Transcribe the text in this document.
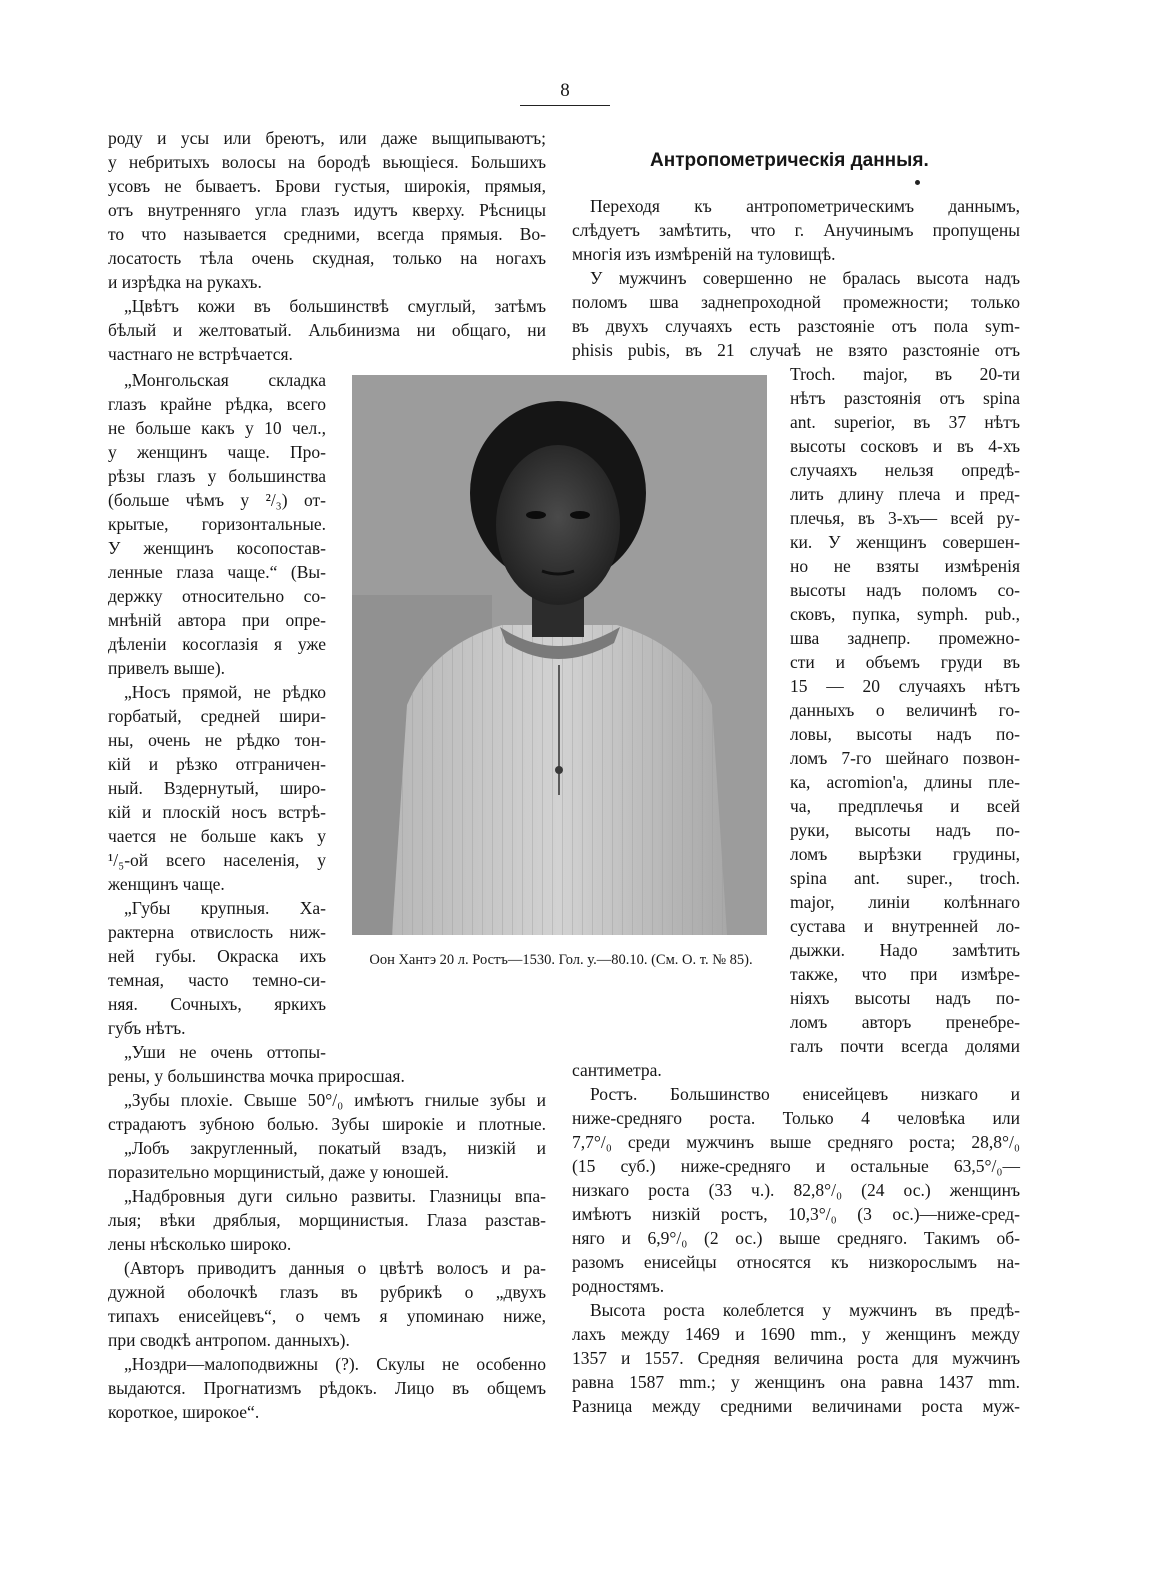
8
роду и усы или бреютъ, или даже выщипываютъ;
у небритыхъ волосы на бородѣ вьющіеся. Большихъ
усовъ не бываетъ. Брови густыя, широкія, прямыя,
отъ внутренняго угла глазъ идутъ кверху. Рѣсницы
то что называется средними, всегда прямыя. Во-
лосатость тѣла очень скудная, только на ногахъ
и изрѣдка на рукахъ.
„Цвѣтъ кожи въ большинствѣ смуглый, затѣмъ
бѣлый и желтоватый. Альбинизма ни общаго, ни
частнаго не встрѣчается.
„Монгольская складка
глазъ крайне рѣдка, всего
не больше какъ у 10 чел.,
у женщинъ чаще. Про-
рѣзы глазъ у большинства
(больше чѣмъ у ²/₃) от-
крытые, горизонтальные.
У женщинъ косопостав-
ленные глаза чаще.“ (Вы-
держку относительно со-
мнѣній автора при опре-
дѣленіи косоглазія я уже
привелъ выше).
„Носъ прямой, не рѣдко
горбатый, средней шири-
ны, очень не рѣдко тон-
кій и рѣзко отграничен-
ный. Вздернутый, широ-
кій и плоскій носъ встрѣ-
чается не больше какъ у
¹/₅-ой всего населенія, у
женщинъ чаще.
„Губы крупныя. Ха-
рактерна отвислость ниж-
ней губы. Окраска ихъ
темная, часто темно-си-
няя. Сочныхъ, яркихъ
губъ нѣтъ.
„Уши не очень оттопы-
рены, у большинства мочка приросшая.
„Зубы плохіе. Свыше 50°/₀ имѣютъ гнилые зубы и
страдаютъ зубною болью. Зубы широкіе и плотные.
„Лобъ закругленный, покатый взадъ, низкій и
поразительно морщинистый, даже у юношей.
„Надбровныя дуги сильно развиты. Глазницы впа-
лыя; вѣки дряблыя, морщинистыя. Глаза разстав-
лены нѣсколько широко.
(Авторъ приводитъ данныя о цвѣтѣ волосъ и ра-
дужной оболочкѣ глазъ въ рубрикѣ о „двухъ
типахъ енисейцевъ“, о чемъ я упоминаю ниже,
при сводкѣ антропом. данныхъ).
„Ноздри—малоподвижны (?). Скулы не особенно
выдаются. Прогнатизмъ рѣдокъ. Лицо въ общемъ
короткое, широкое“.
Антропометрическія данныя.
Переходя къ антропометрическимъ даннымъ,
слѣдуетъ замѣтить, что г. Анучинымъ пропущены
многія изъ измѣреній на туловищѣ.
У мужчинъ совершенно не бралась высота надъ
поломъ шва заднепроходной промежности; только
въ двухъ случаяхъ есть разстояніе отъ пола sym-
phisis pubis, въ 21 случаѣ не взято разстояніе отъ
Troch. major, въ 20-ти
нѣтъ разстоянія отъ spina
ant. superior, въ 37 нѣтъ
высоты сосковъ и въ 4-хъ
случаяхъ нельзя опредѣ-
лить длину плеча и пред-
плечья, въ 3-хъ— всей ру-
ки. У женщинъ совершен-
но не взяты измѣренія
высоты надъ поломъ со-
сковъ, пупка, symph. pub.,
шва заднепр. промежно-
сти и объемъ груди въ
15 — 20 случаяхъ нѣтъ
данныхъ о величинѣ го-
ловы, высоты надъ по-
ломъ 7-го шейнаго позвон-
ка, acromion'а, длины пле-
ча, предплечья и всей
руки, высоты надъ по-
ломъ вырѣзки грудины,
spina ant. super., troch.
major, линіи колѣннаго
сустава и внутренней ло-
дыжки. Надо замѣтить
также, что при измѣре-
ніяхъ высоты надъ по-
ломъ авторъ пренебре-
галъ почти всегда долями
сантиметра.
Ростъ. Большинство енисейцевъ низкаго и
ниже-средняго роста. Только 4 человѣка или
7,7°/₀ среди мужчинъ выше средняго роста; 28,8°/₀
(15 суб.) ниже-средняго и остальные 63,5°/₀—
низкаго роста (33 ч.). 82,8°/₀ (24 ос.) женщинъ
имѣютъ низкій ростъ, 10,3°/₀ (3 ос.)—ниже-сред-
няго и 6,9°/₀ (2 ос.) выше средняго. Такимъ об-
разомъ енисейцы относятся къ низкорослымъ на-
родностямъ.
Высота роста колеблется у мужчинъ въ предѣ-
лахъ между 1469 и 1690 mm., у женщинъ между
1357 и 1557. Средняя величина роста для мужчинъ
равна 1587 mm.; у женщинъ она равна 1437 mm.
Разница между средними величинами роста муж-
Оон Хантэ 20 л. Ростъ—1530. Гол. у.—80.10. (См. О. т. № 85).
